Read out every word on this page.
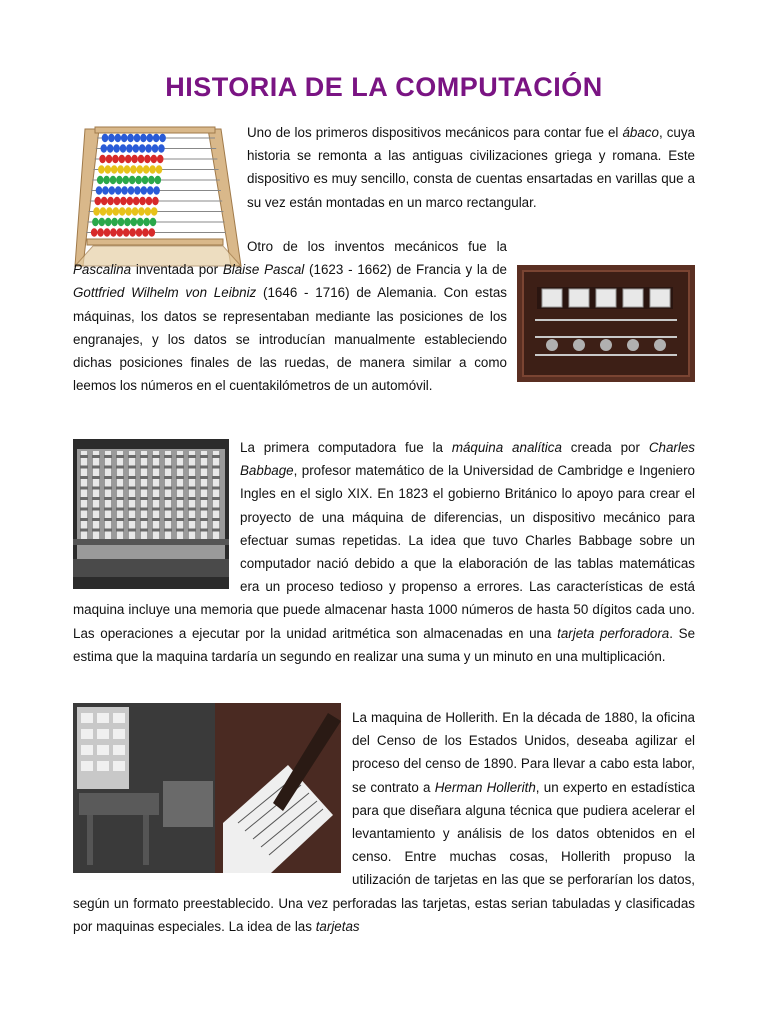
HISTORIA DE LA COMPUTACIÓN

Uno de los primeros dispositivos mecánicos para contar fue el ábaco, cuya historia se remonta a las antiguas civilizaciones griega y romana. Este dispositivo es muy sencillo, consta de cuentas ensartadas en varillas que a su vez están montadas en un marco rectangular.

Otro de los inventos mecánicos fue la Pascalina inventada por Blaise Pascal (1623 - 1662) de Francia y la de Gottfried Wilhelm von Leibniz (1646 - 1716) de Alemania. Con estas máquinas, los datos se representaban mediante las posiciones de los engranajes, y los datos se introducían manualmente estableciendo dichas posiciones finales de las ruedas, de manera similar a como leemos los números en el cuentakilómetros de un automóvil.

La primera computadora fue la máquina analítica creada por Charles Babbage, profesor matemático de la Universidad de Cambridge e Ingeniero Ingles en el siglo XIX. En 1823 el gobierno Británico lo apoyo para crear el proyecto de una máquina de diferencias, un dispositivo mecánico para efectuar sumas repetidas. La idea que tuvo Charles Babbage sobre un computador nació debido a que la elaboración de las tablas matemáticas era un proceso tedioso y propenso a errores. Las características de está maquina incluye una memoria que puede almacenar hasta 1000 números de hasta 50 dígitos cada uno. Las operaciones a ejecutar por la unidad aritmética son almacenadas en una tarjeta perforadora. Se estima que la maquina tardaría un segundo en realizar una suma y un minuto en una multiplicación.

La maquina de Hollerith. En la década de 1880, la oficina del Censo de los Estados Unidos, deseaba agilizar el proceso del censo de 1890. Para llevar a cabo esta labor, se contrato a Herman Hollerith, un experto en estadística para que diseñara alguna técnica que pudiera acelerar el levantamiento y análisis de los datos obtenidos en el censo. Entre muchas cosas, Hollerith propuso la utilización de tarjetas en las que se perforarían los datos, según un formato preestablecido. Una vez perforadas las tarjetas, estas serian tabuladas y clasificadas por maquinas especiales. La idea de las tarjetas
